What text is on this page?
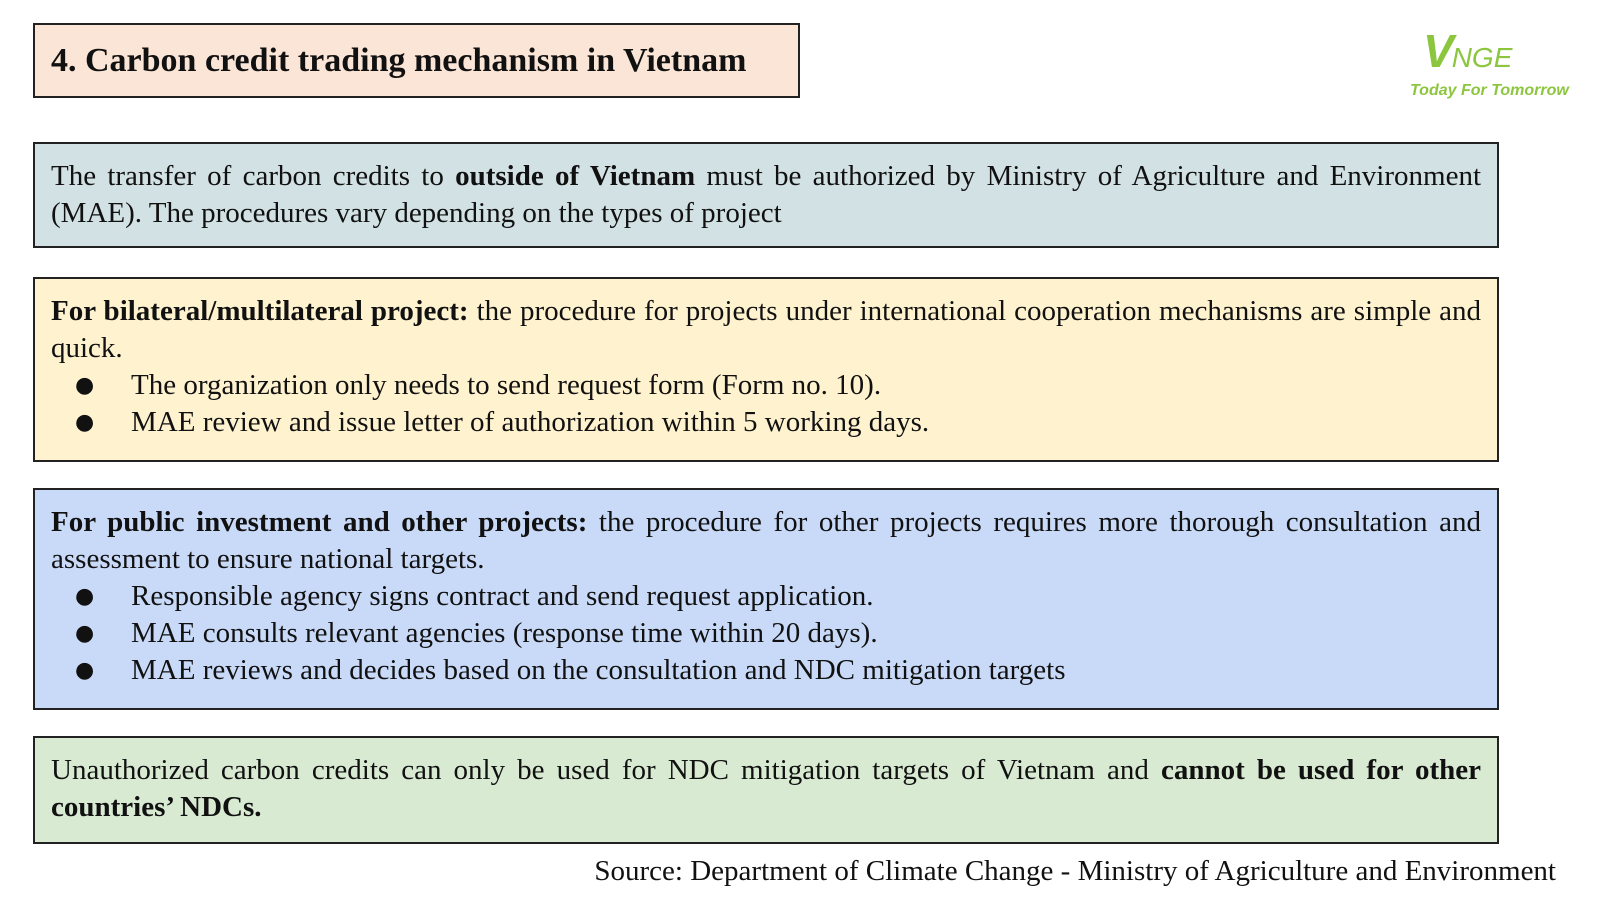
4. Carbon credit trading mechanism in Vietnam	VNGE
Today For Tomorrow

The transfer of carbon credits to outside of Vietnam must be authorized by Ministry of Agriculture and Environment (MAE). The procedures vary depending on the types of project

For bilateral/multilateral project: the procedure for projects under international cooperation mechanisms are simple and quick.

● The organization only needs to send request form (Form no. 10).
● MAE review and issue letter of authorization within 5 working days.

For public investment and other projects: the procedure for other projects requires more thorough consultation and assessment to ensure national targets.

● Responsible agency signs contract and send request application.
● MAE consults relevant agencies (response time within 20 days).
● MAE reviews and decides based on the consultation and NDC mitigation targets

Unauthorized carbon credits can only be used for NDC mitigation targets of Vietnam and cannot be used for other countries’ NDCs.

Source: Department of Climate Change - Ministry of Agriculture and Environment
